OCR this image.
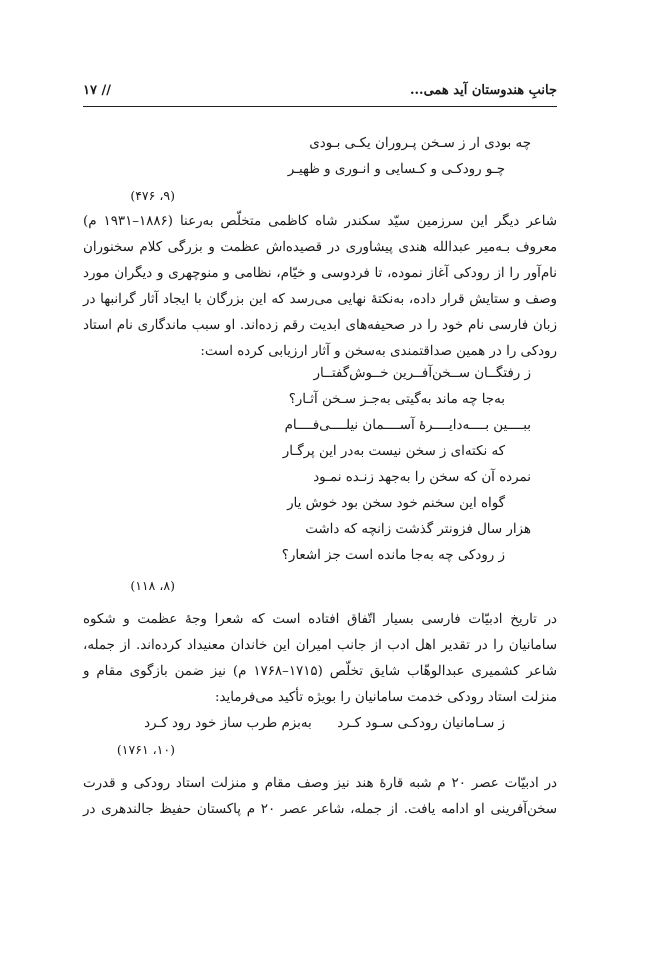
جانبِ هندوستان آید همی...
۱۷ //
چه بودی ار ز سـخن پـروران یکـی بـودی
چـو رودکـی و کـسایی و انـوری و ظهیـر
(۹، ۴۷۶)
شاعر دیگر این سرزمین سیّد سکندر شاه کاظمی متخلّص به‌رعنا (۱۸۸۶–۱۹۳۱ م)
معروف بـه‌میر عبدالله هندی پیشاوری در قصیده‌اش عظمت و بزرگی کلام سخنوران
نام‌آور را از رودکی آغاز نموده، تا فردوسی و خیّام، نظامی و منوچهری و دیگران مورد
وصف و ستایش قرار داده، به‌نکتۀ نهایی می‌رسد که این بزرگان با ایجاد آثار گرانبها در
زبان فارسی نام خود را در صحیفه‌های ابدیت رقم زده‌اند. او سبب ماندگاری نام استاد
رودکی را در همین صداقتمندی به‌سخن و آثار ارزیابی کرده است:
ز رفتگــان ســخن‌آفــرین خــوش‌گفتــار
به‌جا چه ماند به‌گیتی به‌جـز سـخن آثـار؟
ببــــین بــــه‌دایــــرۀ آســــمان نیلــــی‌فــــام
که نکته‌ای ز سخن نیست به‌در این پرگـار
نمرده آن که سخن را به‌جهد زنـده نمـود
گواه این سخنم خود سخن بود خوش یار
هزار سال فزونتر گذشت زانچه که داشت
ز رودکی چه به‌جا مانده است جز اشعار؟
(۸، ۱۱۸)
در تاریخ ادبیّات فارسی بسیار اتّفاق افتاده است که شعرا وجهٔ عظمت و شکوه
سامانیان را در تقدیر اهل ادب از جانب امیران این خاندان معنیداد کرده‌اند. از جمله،
شاعر کشمیری عبدالوهّاب شایق تخلّص (۱۷۱۵–۱۷۶۸ م) نیز ضمن بازگوی مقام و
منزلت استاد رودکی خدمت سامانیان را بویژه تأکید می‌فرماید:
ز سـامانیان رودکـی سـود کـرد      به‌بزم طرب ساز خود رود کـرد
(۱۰، ۱۷۶۱)
در ادبیّات عصر ۲۰ م شبه قارۀ هند نیز وصف مقام و منزلت استاد رودکی و قدرت
سخن‌آفرینی او ادامه یافت. از جمله، شاعر عصر ۲۰ م پاکستان حفیظ جالندهری در
